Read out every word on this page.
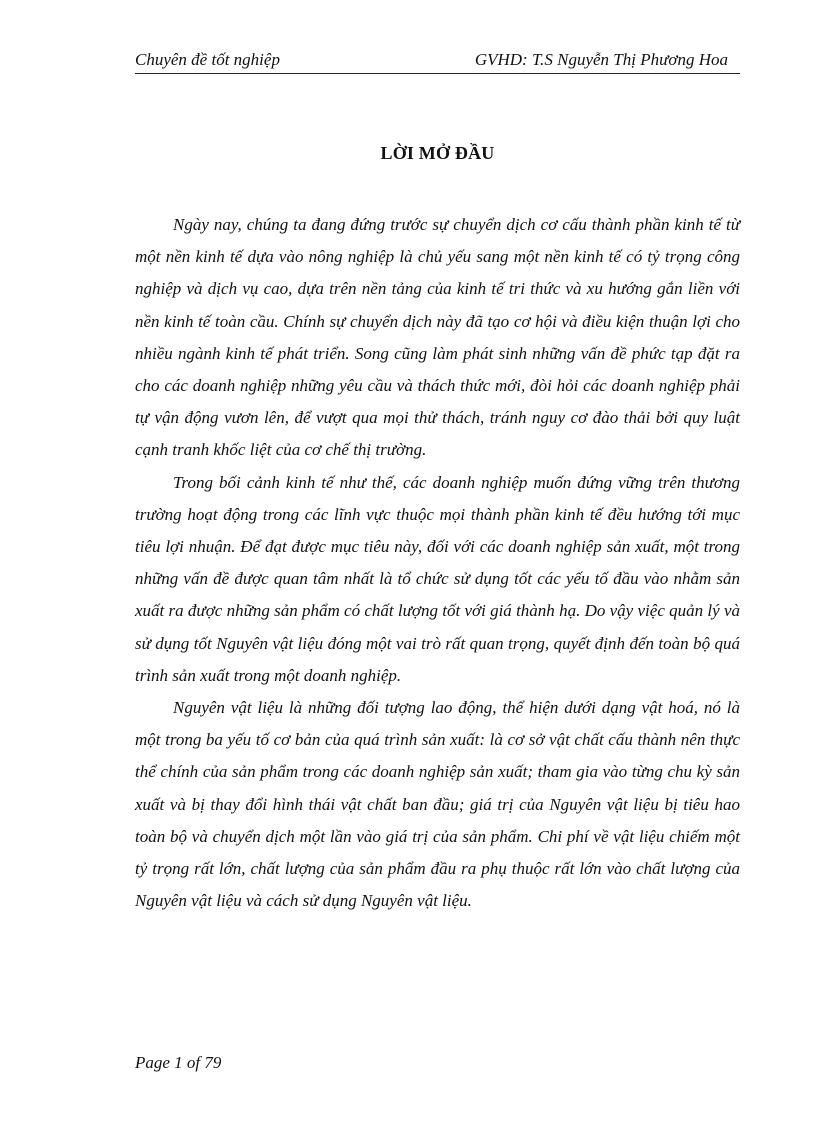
Chuyên đề tốt nghiệp	GVHD: T.S Nguyễn Thị Phương Hoa
LỜI MỞ ĐẦU

Ngày nay, chúng ta đang đứng trước sự chuyển dịch cơ cấu thành phần kinh tế từ một nền kinh tế dựa vào nông nghiệp là chủ yếu sang một nền kinh tế có tỷ trọng công nghiệp và dịch vụ cao, dựa trên nền tảng của kinh tế tri thức và xu hướng gắn liền với nền kinh tế toàn cầu. Chính sự chuyển dịch này đã tạo cơ hội và điều kiện thuận lợi cho nhiều ngành kinh tế phát triển. Song cũng làm phát sinh những vấn đề phức tạp đặt ra cho các doanh nghiệp những yêu cầu và thách thức mới, đòi hỏi các doanh nghiệp phải tự vận động vươn lên, để vượt qua mọi thử thách, tránh nguy cơ đào thải bởi quy luật cạnh tranh khốc liệt của cơ chế thị trường.

Trong bối cảnh kinh tế như thế, các doanh nghiệp muốn đứng vững trên thương trường hoạt động trong các lĩnh vực thuộc mọi thành phần kinh tế đều hướng tới mục tiêu lợi nhuận. Để đạt được mục tiêu này, đối với các doanh nghiệp sản xuất, một trong những vấn đề được quan tâm nhất là tổ chức sử dụng tốt các yếu tố đầu vào nhằm sản xuất ra được những sản phẩm có chất lượng tốt với giá thành hạ. Do vậy việc quản lý và sử dụng tốt Nguyên vật liệu đóng một vai trò rất quan trọng, quyết định đến toàn bộ quá trình sản xuất trong một doanh nghiệp.

Nguyên vật liệu là những đối tượng lao động, thể hiện dưới dạng vật hoá, nó là một trong ba yếu tố cơ bản của quá trình sản xuất: là cơ sở vật chất cấu thành nên thực thể chính của sản phẩm trong các doanh nghiệp sản xuất; tham gia vào từng chu kỳ sản xuất và bị thay đổi hình thái vật chất ban đầu; giá trị của Nguyên vật liệu bị tiêu hao toàn bộ và chuyển dịch một lần vào giá trị của sản phẩm. Chi phí về vật liệu chiếm một tỷ trọng rất lớn, chất lượng của sản phẩm đầu ra phụ thuộc rất lớn vào chất lượng của Nguyên vật liệu và cách sử dụng Nguyên vật liệu.

Page 1 of 79
